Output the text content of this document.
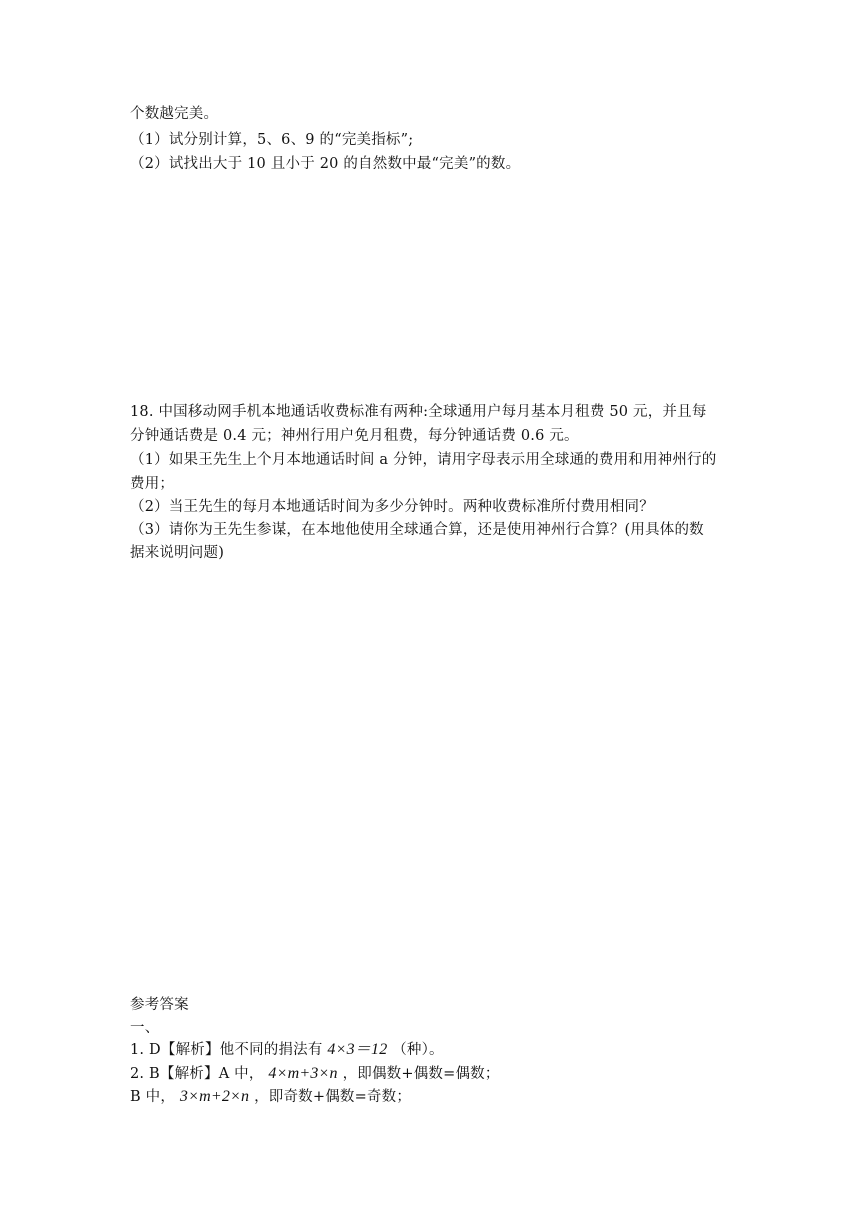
个数越完美。
（1）试分别计算，5、6、9 的“完美指标”;
（2）试找出大于 10 且小于 20 的自然数中最“完美”的数。
18. 中国移动网手机本地通话收费标准有两种:全球通用户每月基本月租费 50 元，并且每
分钟通话费是 0.4 元；神州行用户免月租费，每分钟通话费 0.6 元。
（1）如果王先生上个月本地通话时间 a 分钟，请用字母表示用全球通的费用和用神州行的
费用；
（2）当王先生的每月本地通话时间为多少分钟时。两种收费标准所付费用相同？
（3）请你为王先生参谋，在本地他使用全球通合算，还是使用神州行合算？(用具体的数
据来说明问题)
参考答案
一、
1. D【解析】他不同的捐法有 4×3＝12 （种）。
2. B【解析】A 中， 4×m+3×n ，即偶数+偶数=偶数；
B 中， 3×m+2×n ，即奇数+偶数=奇数；
